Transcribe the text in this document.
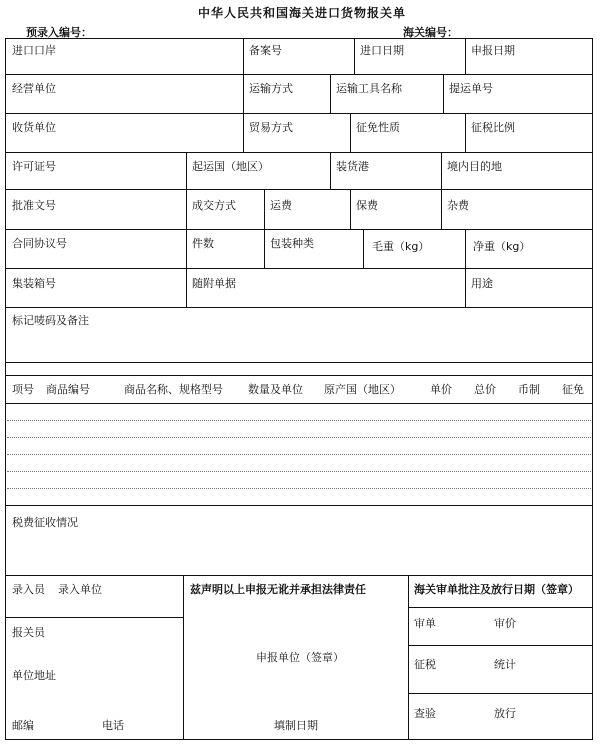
中华人民共和国海关进口货物报关单
预录入编号：	海关编号：
进口口岸	备案号	进口日期	申报日期
经营单位	运输方式	运输工具名称	提运单号
收货单位	贸易方式	征免性质	征税比例
许可证号	起运国（地区）	装货港	境内目的地
批准文号	成交方式	运费	保费	杂费
合同协议号	件数	包装种类	毛重（kg）	净重（kg）
集装箱号	随附单据	用途
标记唛码及备注
项号 商品编号	商品名称、规格型号 数量及单位 原产国（地区）	单价 总价 币制 征免
税费征收情况
录入员 录入单位
报关员
单位地址
邮编	电话
兹声明以上申报无讹并承担法律责任
申报单位（签章）
填制日期
海关审单批注及放行日期（签章）
审单	审价
征税	统计
查验	放行
